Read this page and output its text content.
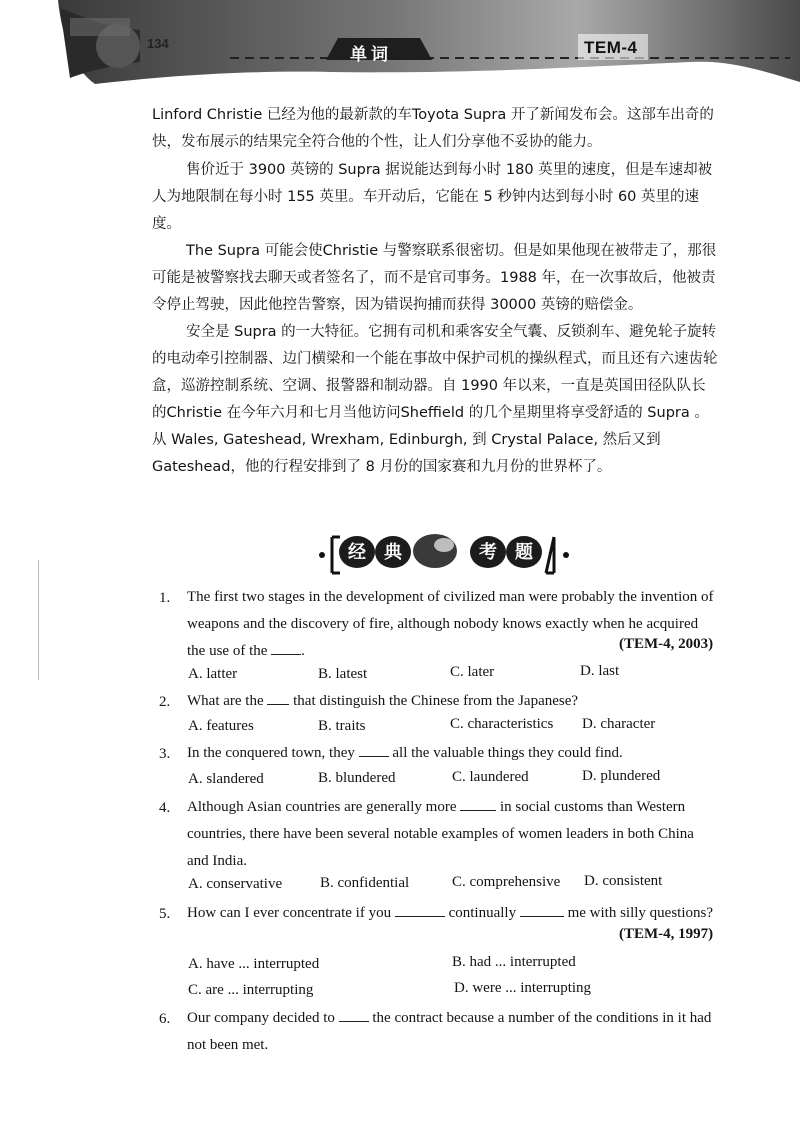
134
单词	TEM-4
Linford Christie 已经为他的最新款的车Toyota Supra 开了新闻发布会。这部车出奇的快，发布展示的结果完全符合他的个性，让人们分享他不妥协的能力。
售价近于 3900 英镑的 Supra 据说能达到每小时 180 英里的速度，但是车速却被人为地限制在每小时 155 英里。车开动后，它能在 5 秒钟内达到每小时 60 英里的速度。
The Supra 可能会使Christie 与警察联系很密切。但是如果他现在被带走了，那很可能是被警察找去聊天或者签名了，而不是官司事务。1988 年，在一次事故后，他被责令停止驾驶，因此他控告警察，因为错误拘捕而获得 30000 英镑的赔偿金。
安全是 Supra 的一大特征。它拥有司机和乘客安全气囊、反锁刹车、避免轮子旋转的电动牵引控制器、边门横梁和一个能在事故中保护司机的操纵程式，而且还有六速齿轮盒，巡游控制系统、空调、报警器和制动器。自 1990 年以来，一直是英国田径队队长的Christie 在今年六月和七月当他访问Sheffield 的几个星期里将享受舒适的 Supra 。从 Wales, Gateshead, Wrexham, Edinburgh, 到 Crystal Palace, 然后又到 Gateshead，他的行程安排到了 8 月份的国家赛和九月份的世界杯了。
经 典	考 题
1. The first two stages in the development of civilized man were probably the invention of weapons and the discovery of fire, although nobody knows exactly when he acquired the use of the .	(TEM-4, 2003)
A. latter	B. latest	C. later	D. last
2. What are the that distinguish the Chinese from the Japanese?
A. features	B. traits	C. characteristics D. character
3. In the conquered town, they	all the valuable things they could find.
A. slandered	B. blundered	C. laundered	D. plundered
4. Although Asian countries are generally more	in social customs than Western countries, there have been several notable examples of women leaders in both China and India.
A. conservative	B. confidential	C. comprehensive D. consistent
5. How can I ever concentrate if you	continually	me with silly questions?
(TEM-4, 1997)
A. have ... interrupted	B. had ... interrupted
C. are ... interrupting	D. were ... interrupting
6. Our company decided to	the contract because a number of the conditions in it had not been met.
